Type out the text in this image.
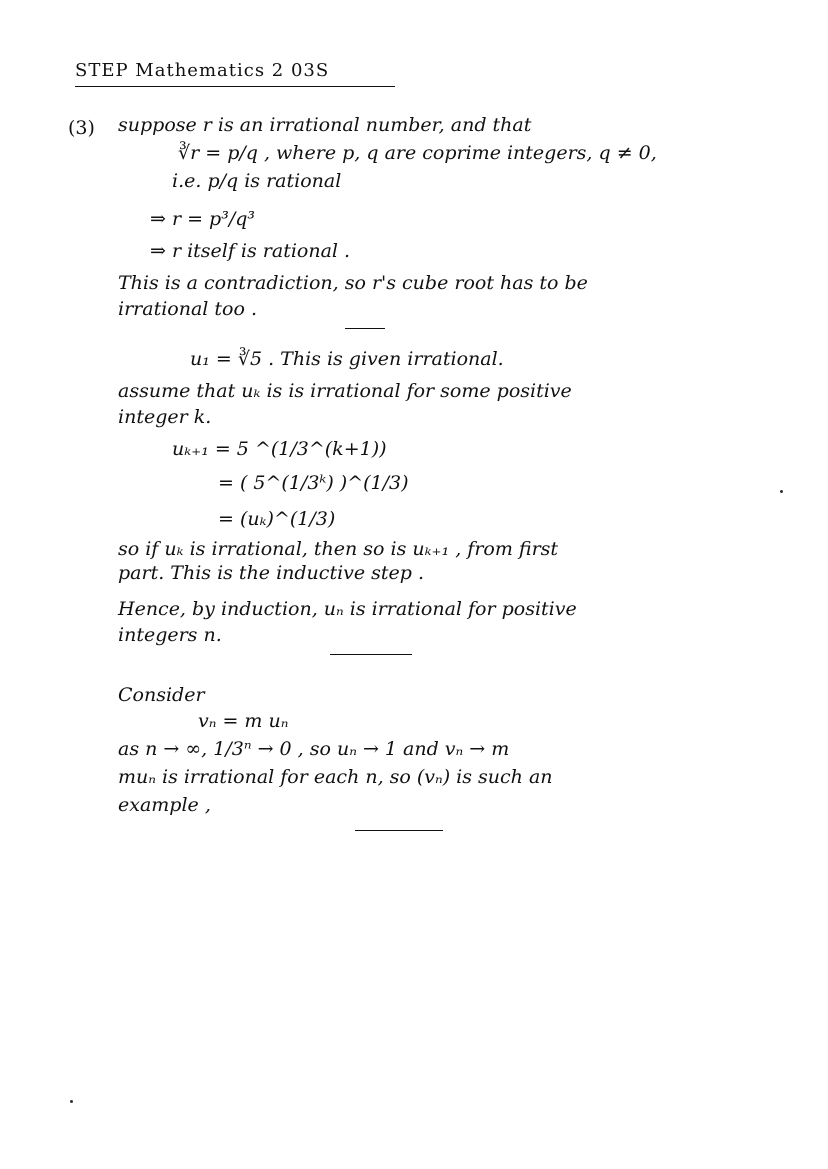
STEP Mathematics 2 03S
(3) suppose r is an irrational number, and that
∛r = p/q , where p, q are coprime integers, q ≠ 0,
i.e. p/q is rational
⇒ r = p³/q³
⇒ r itself is rational .
This is a contradiction, so r's cube root has to be
irrational too .
u₁ = ∛5 . This is given irrational.
assume that uₖ is is irrational for some positive
integer k.
uₖ₊₁ = 5 ^(1/3^(k+1))
= ( 5^(1/3ᵏ) )^(1/3)
= (uₖ)^(1/3)
so if uₖ is irrational, then so is uₖ₊₁ , from first
part. This is the inductive step .
Hence, by induction, uₙ is irrational for positive
integers n.
Consider
vₙ = m uₙ
as n → ∞, 1/3ⁿ → 0 , so uₙ → 1 and vₙ → m
muₙ is irrational for each n, so (vₙ) is such an
example ,
